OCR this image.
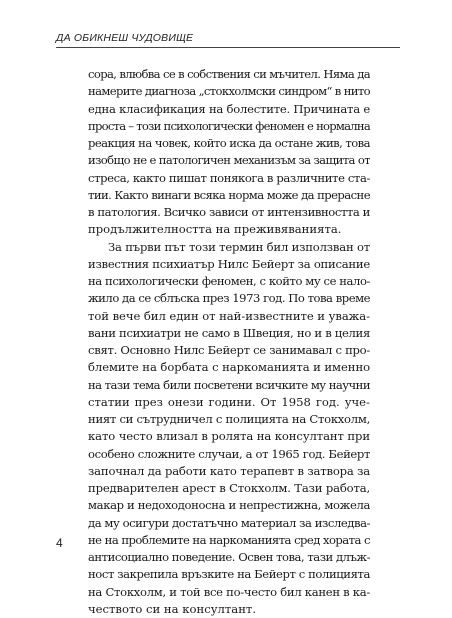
ДА ОБИКНЕШ ЧУДОВИЩЕ
сора, влюбва се в собствения си мъчител. Няма да
намерите диагноза „стокхолмски синдром“ в нито
една класификация на болестите. Причината е
проста – този психологически феномен е нормална
реакция на човек, който иска да остане жив, това
изобщо не е патологичен механизъм за защита от
стреса, както пишат понякога в различните ста-
тии. Както винаги всяка норма може да прерасне
в патология. Всичко зависи от интензивността и
продължителността на преживяванията.
За първи път този термин бил използван от
известния психиатър Нилс Бейерт за описание
на психологически феномен, с който му се нало-
жило да се сблъска през 1973 год. По това време
той вече бил един от най-известните и уважа-
вани психиатри не само в Швеция, но и в целия
свят. Основно Нилс Бейерт се занимавал с про-
блемите на борбата с наркоманията и именно
на тази тема били посветени всичките му научни
статии през онези години. От 1958 год. уче-
ният си сътрудничел с полицията на Стокхолм,
като често влизал в ролята на консултант при
особено сложните случаи, а от 1965 год. Бейерт
започнал да работи като терапевт в затвора за
предварителен арест в Стокхолм. Тази работа,
макар и недоходоносна и непрестижна, можела
да му осигури достатъчно материал за изследва-
не на проблемите на наркоманията сред хората с
антисоциално поведение. Освен това, тази длъж-
ност закрепила връзките на Бейерт с полицията
на Стокхолм, и той все по-често бил канен в ка-
чеството си на консултант.
4
